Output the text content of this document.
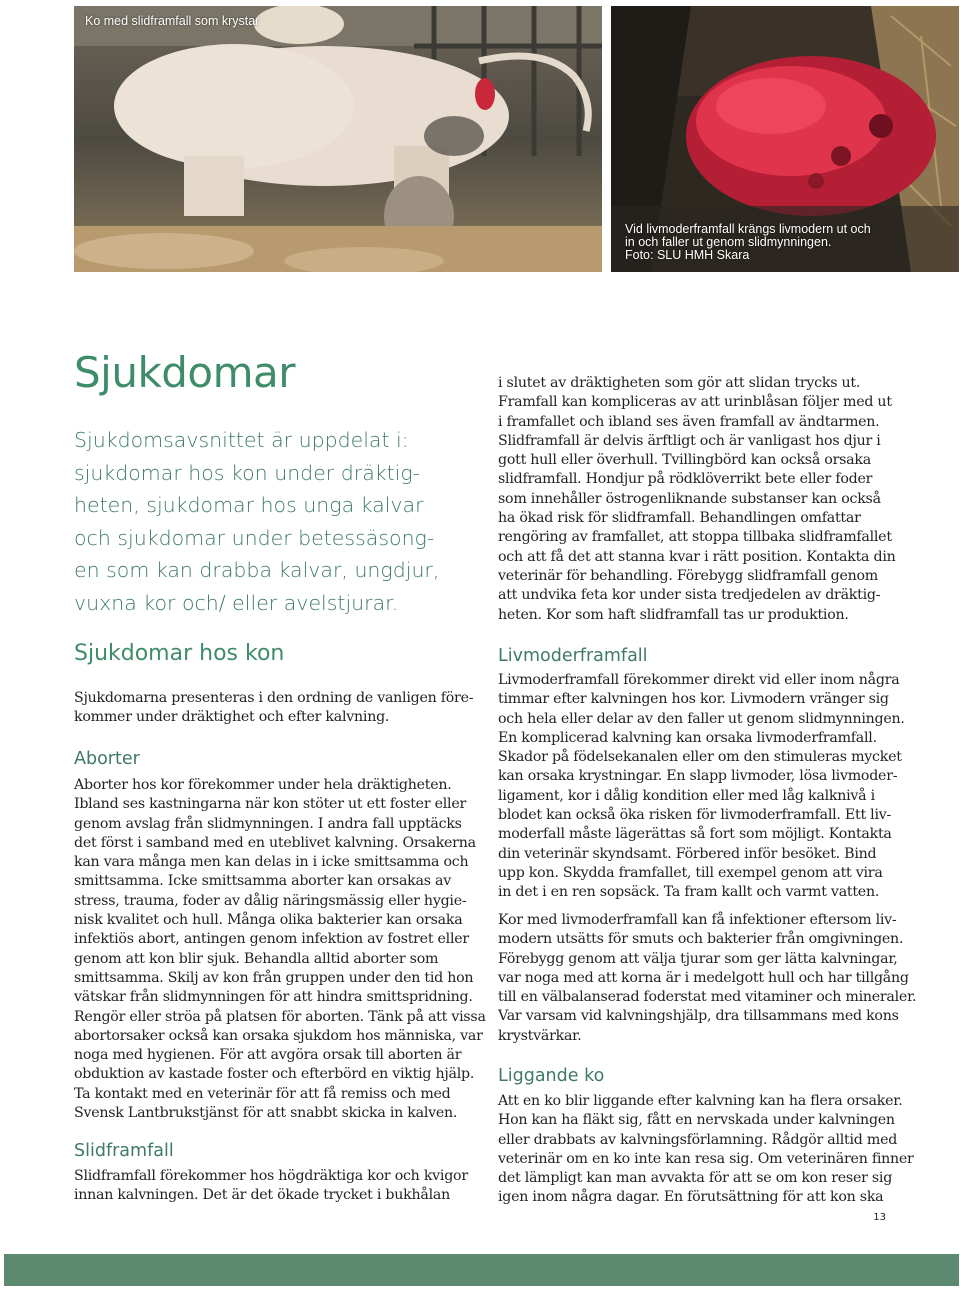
Ko med slidframfall som krystar
Vid livmoderframfall krängs livmodern ut och
in och faller ut genom slidmynningen.
Foto: SLU HMH Skara
Sjukdomar
Sjukdomsavsnittet är uppdelat i:
sjukdomar hos kon under dräktig-
heten, sjukdomar hos unga kalvar
och sjukdomar under betessäsong-
en som kan drabba kalvar, ungdjur,
vuxna kor och/ eller avelstjurar.
Sjukdomar hos kon
Sjukdomarna presenteras i den ordning de vanligen före-
kommer under dräktighet och efter kalvning.
Aborter
Aborter hos kor förekommer under hela dräktigheten.
Ibland ses kastningarna när kon stöter ut ett foster eller
genom avslag från slidmynningen. I andra fall upptäcks
det först i samband med en uteblivet kalvning. Orsakerna
kan vara många men kan delas in i icke smittsamma och
smittsamma. Icke smittsamma aborter kan orsakas av
stress, trauma, foder av dålig näringsmässig eller hygie-
nisk kvalitet och hull. Många olika bakterier kan orsaka
infektiös abort, antingen genom infektion av fostret eller
genom att kon blir sjuk. Behandla alltid aborter som
smittsamma. Skilj av kon från gruppen under den tid hon
vätskar från slidmynningen för att hindra smittspridning.
Rengör eller ströa på platsen för aborten. Tänk på att vissa
abortorsaker också kan orsaka sjukdom hos människa, var
noga med hygienen. För att avgöra orsak till aborten är
obduktion av kastade foster och efterbörd en viktig hjälp.
Ta kontakt med en veterinär för att få remiss och med
Svensk Lantbrukstjänst för att snabbt skicka in kalven.
Slidframfall
Slidframfall förekommer hos högdräktiga kor och kvigor
innan kalvningen. Det är det ökade trycket i bukhålan
i slutet av dräktigheten som gör att slidan trycks ut.
Framfall kan kompliceras av att urinblåsan följer med ut
i framfallet och ibland ses även framfall av ändtarmen.
Slidframfall är delvis ärftligt och är vanligast hos djur i
gott hull eller överhull. Tvillingbörd kan också orsaka
slidframfall. Hondjur på rödklöverrikt bete eller foder
som innehåller östrogenliknande substanser kan också
ha ökad risk för slidframfall. Behandlingen omfattar
rengöring av framfallet, att stoppa tillbaka slidframfallet
och att få det att stanna kvar i rätt position. Kontakta din
veterinär för behandling. Förebygg slidframfall genom
att undvika feta kor under sista tredjedelen av dräktig-
heten. Kor som haft slidframfall tas ur produktion.
Livmoderframfall
Livmoderframfall förekommer direkt vid eller inom några
timmar efter kalvningen hos kor. Livmodern vränger sig
och hela eller delar av den faller ut genom slidmynningen.
En komplicerad kalvning kan orsaka livmoderframfall.
Skador på födelsekanalen eller om den stimuleras mycket
kan orsaka krystningar. En slapp livmoder, lösa livmoder-
ligament, kor i dålig kondition eller med låg kalknivå i
blodet kan också öka risken för livmoderframfall. Ett liv-
moderfall måste lägerättas så fort som möjligt. Kontakta
din veterinär skyndsamt. Förbered inför besöket. Bind
upp kon. Skydda framfallet, till exempel genom att vira
in det i en ren sopsäck. Ta fram kallt och varmt vatten.
Kor med livmoderframfall kan få infektioner eftersom liv-
modern utsätts för smuts och bakterier från omgivningen.
Förebygg genom att välja tjurar som ger lätta kalvningar,
var noga med att korna är i medelgott hull och har tillgång
till en välbalanserad foderstat med vitaminer och mineraler.
Var varsam vid kalvningshjälp, dra tillsammans med kons
krystvärkar.
Liggande ko
Att en ko blir liggande efter kalvning kan ha flera orsaker.
Hon kan ha fläkt sig, fått en nervskada under kalvningen
eller drabbats av kalvningsförlamning. Rådgör alltid med
veterinär om en ko inte kan resa sig. Om veterinären finner
det lämpligt kan man avvakta för att se om kon reser sig
igen inom några dagar. En förutsättning för att kon ska
13
